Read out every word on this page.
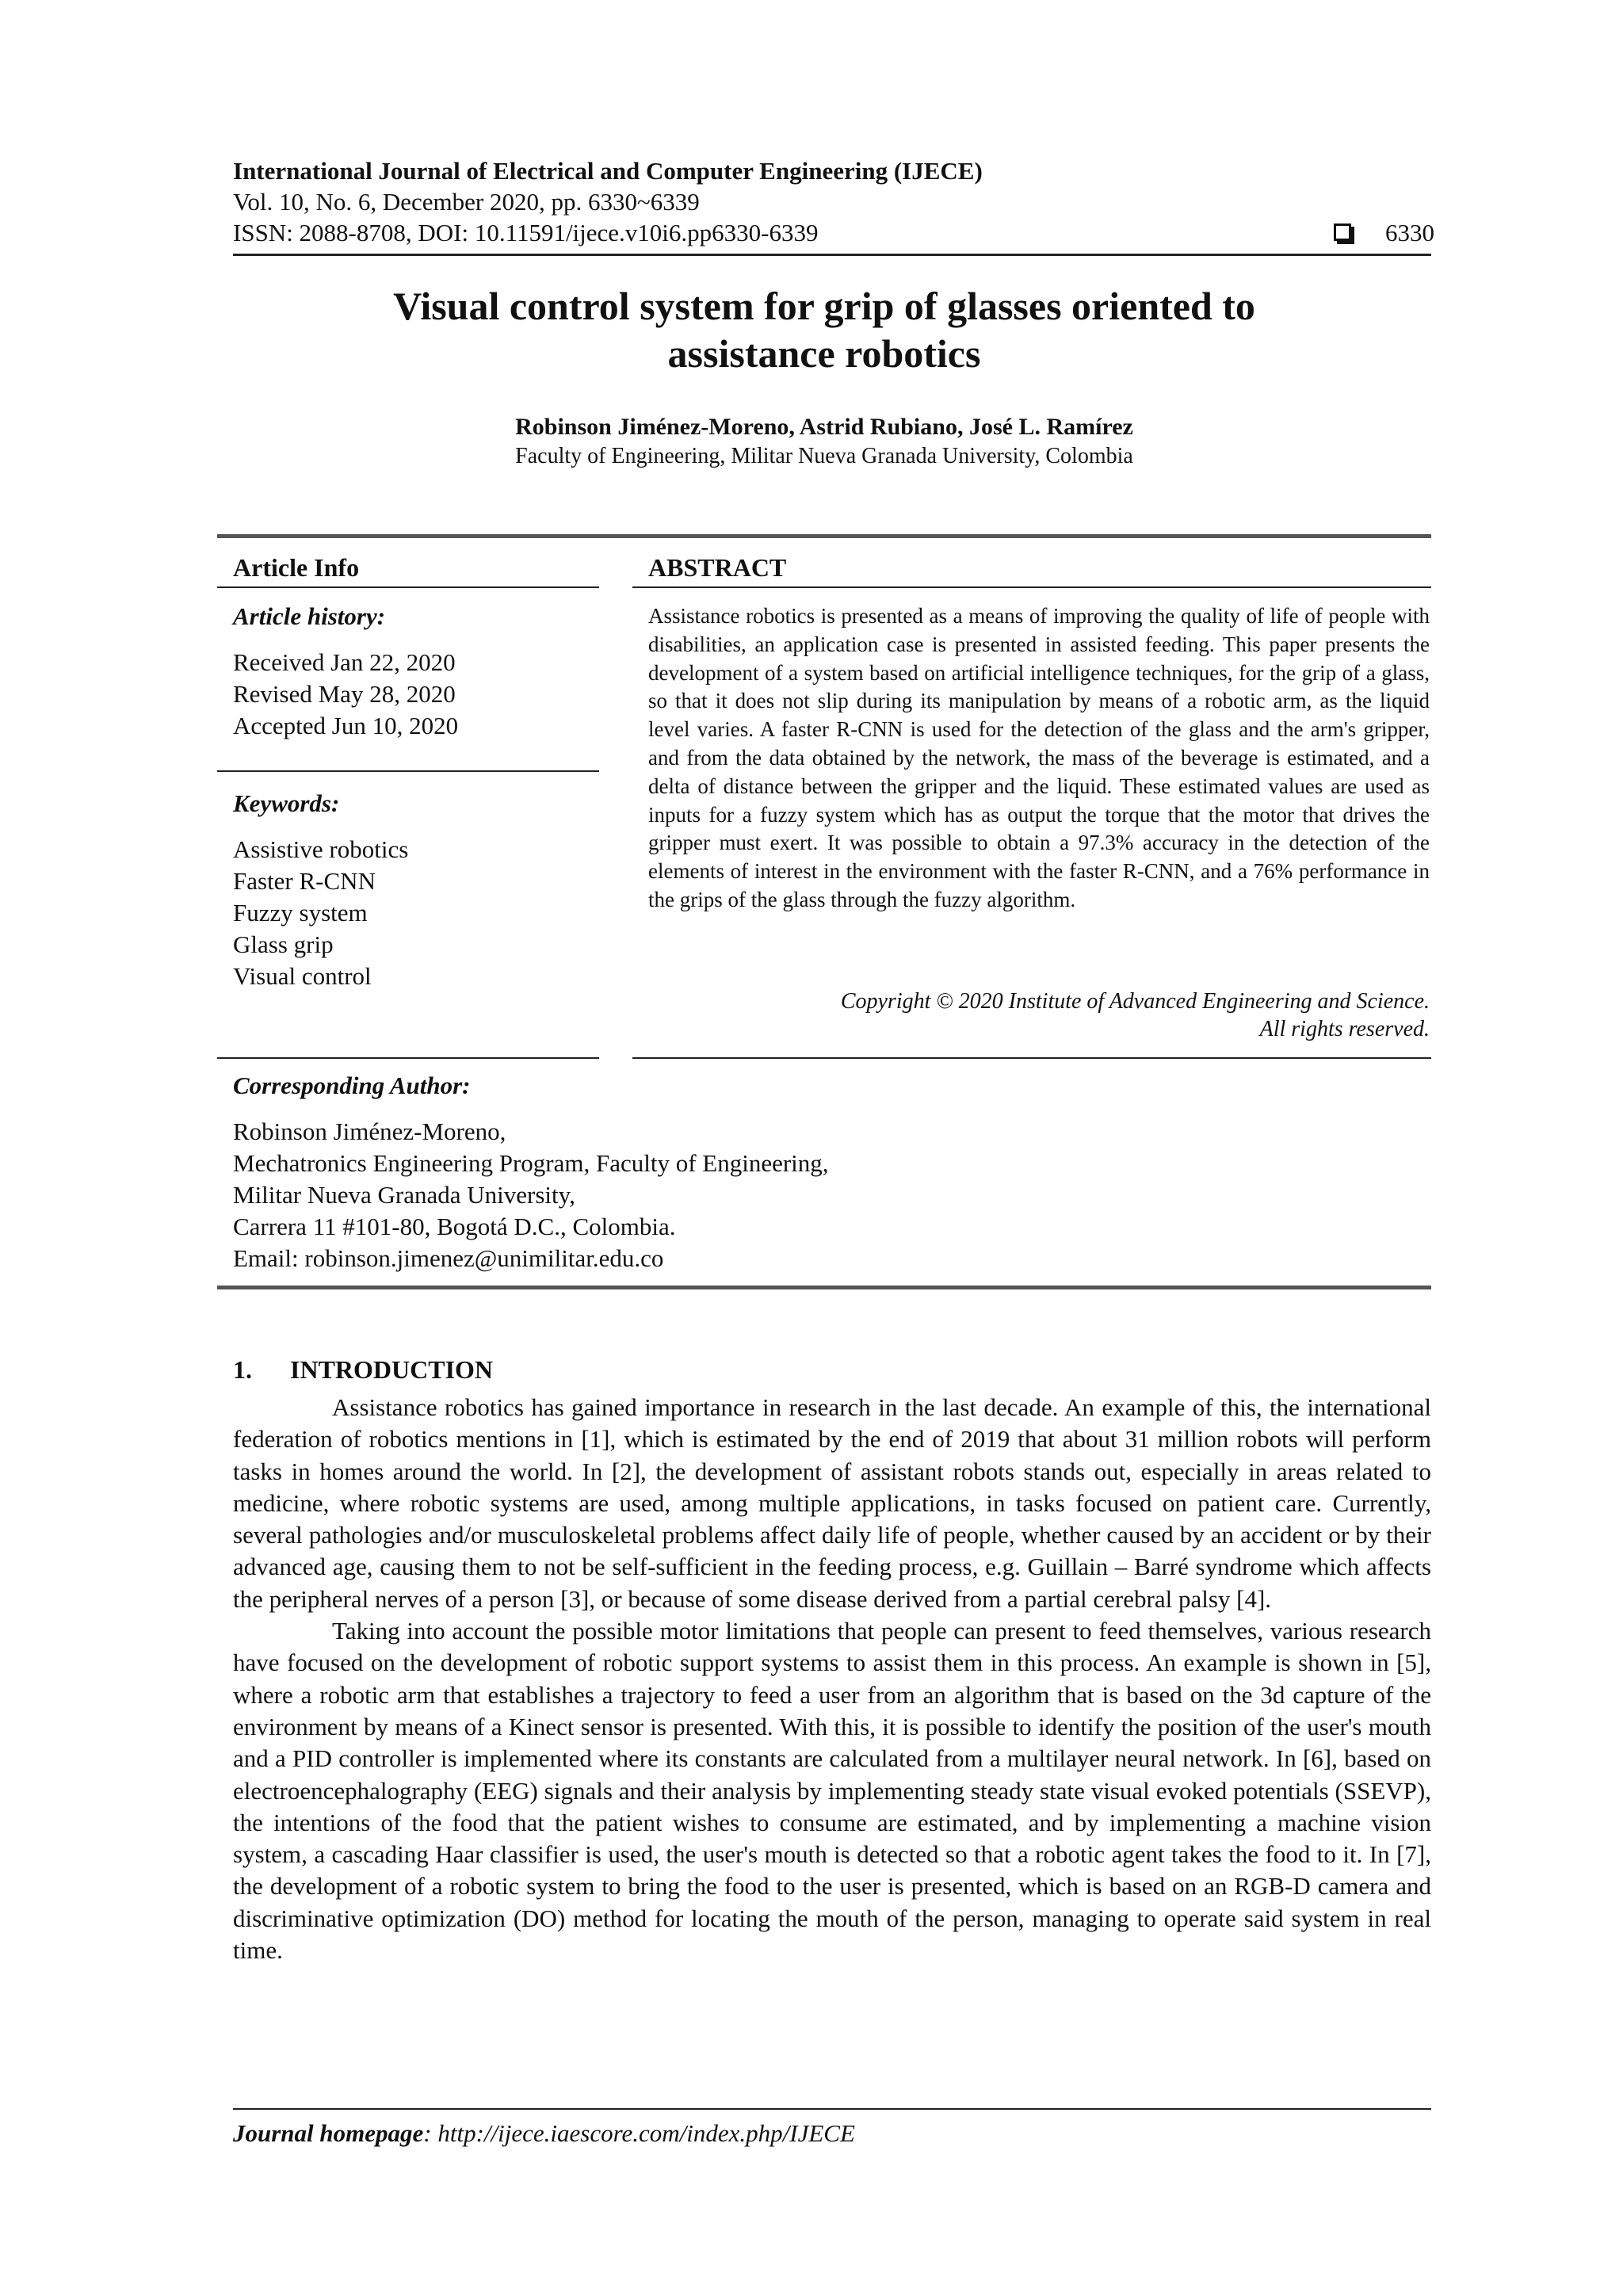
International Journal of Electrical and Computer Engineering (IJECE)
Vol. 10, No. 6, December 2020, pp. 6330~6339
ISSN: 2088-8708, DOI: 10.11591/ijece.v10i6.pp6330-6339	6330
Visual control system for grip of glasses oriented to
assistance robotics
Robinson Jiménez-Moreno, Astrid Rubiano, José L. Ramírez
Faculty of Engineering, Militar Nueva Granada University, Colombia
Article Info
Article history:
Received Jan 22, 2020
Revised May 28, 2020
Accepted Jun 10, 2020
Keywords:
Assistive robotics
Faster R-CNN
Fuzzy system
Glass grip
Visual control
ABSTRACT

Assistance robotics is presented as a means of improving the quality of life of people with disabilities, an application case is presented in assisted feeding. This paper presents the development of a system based on artificial intelligence techniques, for the grip of a glass, so that it does not slip during its manipulation by means of a robotic arm, as the liquid level varies. A faster R-CNN is used for the detection of the glass and the arm's gripper, and from the data obtained by the network, the mass of the beverage is estimated, and a delta of distance between the gripper and the liquid. These estimated values are used as inputs for a fuzzy system which has as output the torque that the motor that drives the gripper must exert. It was possible to obtain a 97.3% accuracy in the detection of the elements of interest in the environment with the faster R-CNN, and a 76% performance in the grips of the glass through the fuzzy algorithm.

Copyright © 2020 Institute of Advanced Engineering and Science.
All rights reserved.
Corresponding Author:
Robinson Jiménez-Moreno,
Mechatronics Engineering Program, Faculty of Engineering,
Militar Nueva Granada University,
Carrera 11 #101-80, Bogotá D.C., Colombia.
Email: robinson.jimenez@unimilitar.edu.co
1. INTRODUCTION

Assistance robotics has gained importance in research in the last decade. An example of this, the international federation of robotics mentions in [1], which is estimated by the end of 2019 that about 31 million robots will perform tasks in homes around the world. In [2], the development of assistant robots stands out, especially in areas related to medicine, where robotic systems are used, among multiple applications, in tasks focused on patient care. Currently, several pathologies and/or musculoskeletal problems affect daily life of people, whether caused by an accident or by their advanced age, causing them to not be self-sufficient in the feeding process, e.g. Guillain – Barré syndrome which affects the peripheral nerves of a person [3], or because of some disease derived from a partial cerebral palsy [4].

Taking into account the possible motor limitations that people can present to feed themselves, various research have focused on the development of robotic support systems to assist them in this process. An example is shown in [5], where a robotic arm that establishes a trajectory to feed a user from an algorithm that is based on the 3d capture of the environment by means of a Kinect sensor is presented. With this, it is possible to identify the position of the user's mouth and a PID controller is implemented where its constants are calculated from a multilayer neural network. In [6], based on electroencephalography (EEG) signals and their analysis by implementing steady state visual evoked potentials (SSEVP), the intentions of the food that the patient wishes to consume are estimated, and by implementing a machine vision system, a cascading Haar classifier is used, the user's mouth is detected so that a robotic agent takes the food to it. In [7], the development of a robotic system to bring the food to the user is presented, which is based on an RGB-D camera and discriminative optimization (DO) method for locating the mouth of the person, managing to operate said system in real time.

Journal homepage: http://ijece.iaescore.com/index.php/IJECE
